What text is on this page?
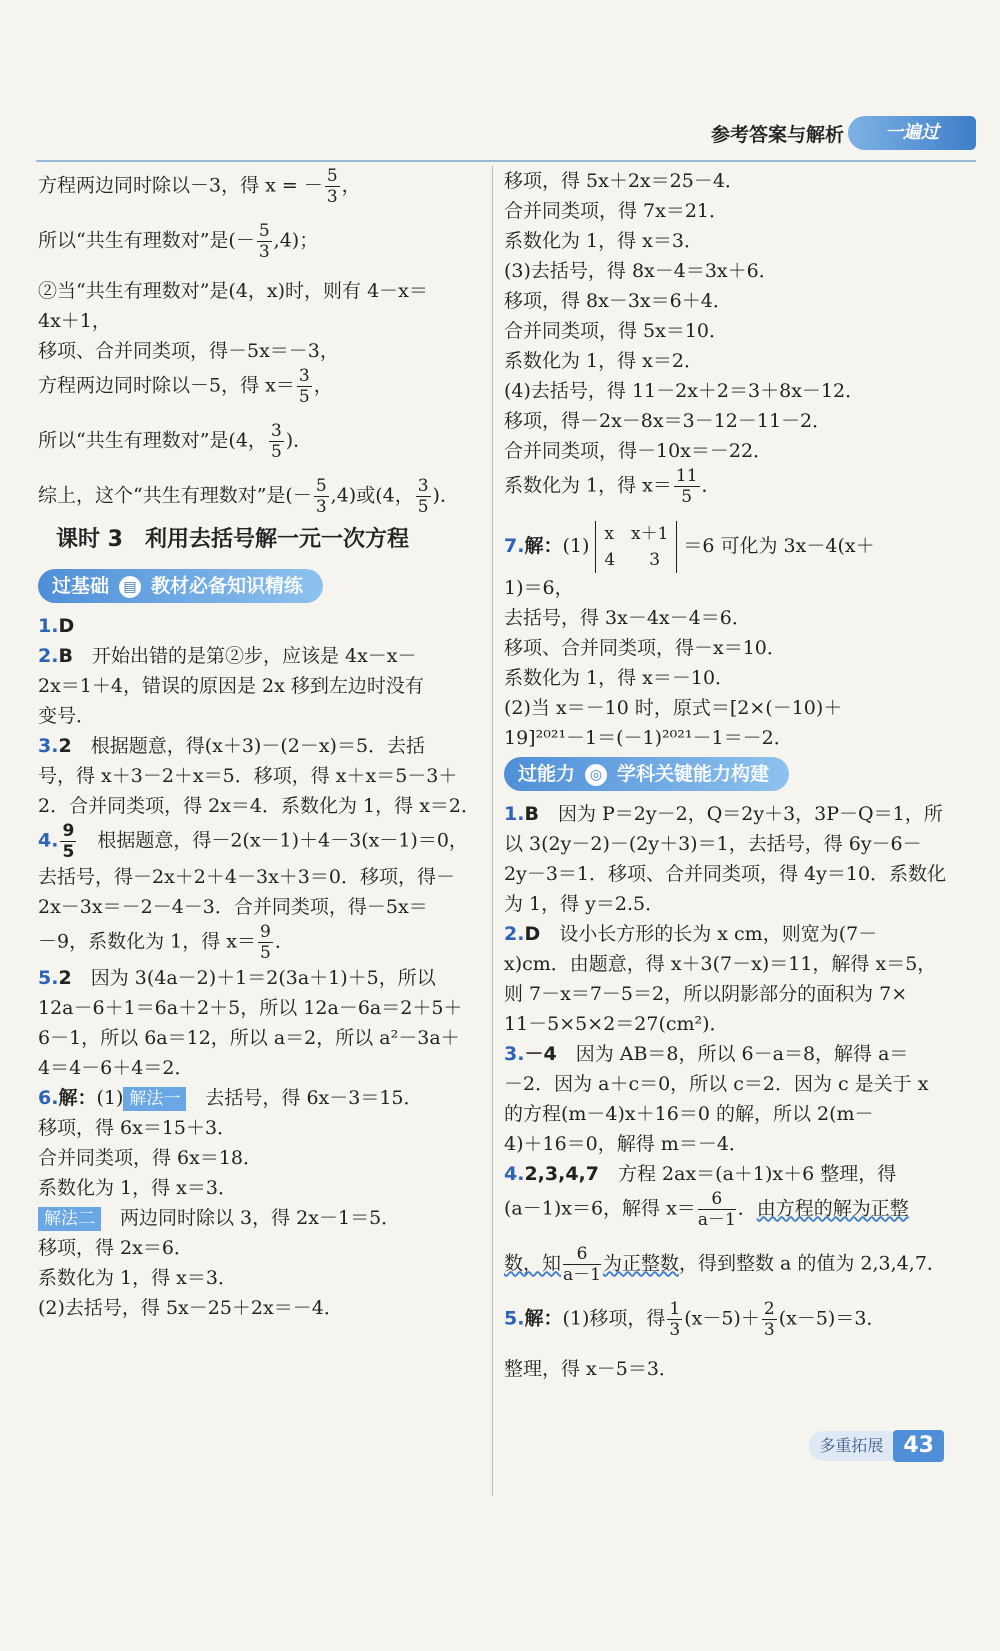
参考答案与解析	一遍过
方程两边同时除以－3，得 x = － $\frac{5}{3}$ ，
所以“共生有理数对”是(－ $\frac{5}{3} ,4$)；
②当“共生有理数对”是(4，x)时，则有 4－x＝
4x＋1，
移项、合并同类项，得－5x＝－3，
方程两边同时除以－5，得 $x= \frac{3}{5}$ ，
所以“共生有理数对”是(4， $\frac{3}{5}$ )．
综上，这个“共生有理数对”是(－ $\frac{5}{3} ,4$)或(4， $\frac{3}{5}$ )．
课时 3　利用去括号解一元一次方程
过基础 ▤ 教材必备知识精练
1.D
2.B　 开始出错的是第②步，应该是 4x－x－
2x＝1＋4，错误的原因是 2x 移到左边时没有
变号．
3.2　 根据题意，得(x＋3)－(2－x)＝5．去括
号，得 x＋3－2＋x＝5．移项，得 x＋x＝5－3＋
2．合并同类项，得 2x＝4．系数化为 1，得 x＝2．
4. $\frac{9}{5}$
　 根据题意，得－2(x－1)＋4－3(x－1)＝0，
去括号，得－2x＋2＋4－3x＋3＝0．移项，得－
2x－3x＝－2－4－3．合并同类项，得－5x＝
－9，系数化为 1，得 $x= \frac{9}{5}$ ．
5.2　 因为 3(4a－2)＋1＝2(3a＋1)＋5，所以
12a－6＋1＝6a＋2＋5，所以 12a－6a＝2＋5＋
6－1，所以 6a＝12，所以 a＝2，所以 a²－3a＋
4＝4－6＋4＝2．
6.解：(1) 解法一　 去括号，得 6x－3＝15．
移项，得 6x＝15＋3．
合并同类项，得 6x＝18．
系数化为 1，得 x＝3．
解法二　 两边同时除以 3，得 2x－1＝5．
移项，得 2x＝6．
系数化为 1，得 x＝3．
(2)去括号，得 5x－25＋2x＝－4．
移项，得 5x＋2x＝25－4．
合并同类项，得 7x＝21．
系数化为 1，得 x＝3．
(3)去括号，得 8x－4＝3x＋6．
移项，得 8x－3x＝6＋4．
合并同类项，得 5x＝10．
系数化为 1，得 x＝2．
(4)去括号，得 11－2x＋2＝3＋8x－12．
移项，得－2x－8x＝3－12－11－2．
合并同类项，得－10x＝－22．
系数化为 1，得 $x= \frac{11}{5}$ ．
7.解：(1)
x　x＋1
4　　3
＝6 可化为 3x－4(x＋
1)＝6，
去括号，得 3x－4x－4＝6．
移项、合并同类项，得－x＝10．
系数化为 1，得 x＝－10．
(2)当 x＝－10 时，原式＝[2×(－10)＋
19]²⁰²¹－1＝(－1)²⁰²¹－1＝－2．
过能力 ◎ 学科关键能力构建
1.B　 因为 P＝2y－2，Q＝2y＋3，3P－Q＝1，所
以 3(2y－2)－(2y＋3)＝1，去括号，得 6y－6－
2y－3＝1．移项、合并同类项，得 4y＝10．系数化
为 1，得 y＝2.5．
2.D　 设小长方形的长为 x cm，则宽为(7－
x)cm．由题意，得 x＋3(7－x)＝11，解得 x＝5，
则 7－x＝7－5＝2，所以阴影部分的面积为 7×
11－5×5×2＝27(cm²)．
3.－4　 因为 AB＝8，所以 6－a＝8，解得 a＝
－2．因为 a＋c＝0，所以 c＝2．因为 c 是关于 x
的方程(m－4)x＋16＝0 的解，所以 2(m－
4)＋16＝0，解得 m＝－4．
4.2,3,4,7　 方程 2ax＝(a＋1)x＋6 整理，得
(a－1)x＝6，解得 $x= \frac{6}{a-1}$ ．由方程的解为正整
数，知 $\frac{6}{a-1}$ 为正整数，得到整数 a 的值为 2,3,4,7．
5.解：(1)移项，得 $\frac{1}{3} (x-5)+ \frac{2}{3} (x-5)=3$．
整理，得 x－5＝3．
多重拓展 43
